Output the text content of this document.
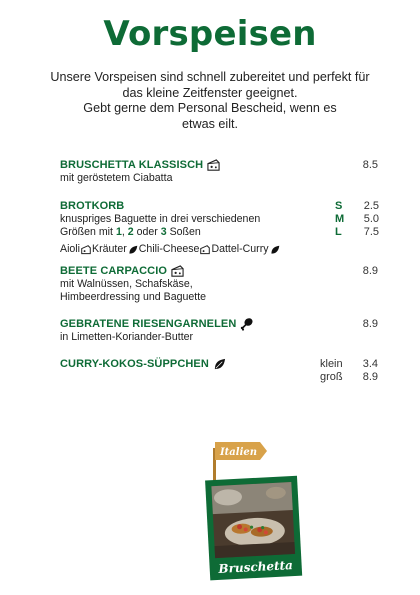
Vorspeisen
Unsere Vorspeisen sind schnell zubereitet und perfekt für
das kleine Zeitfenster geeignet.
Gebt gerne dem Personal Bescheid, wenn es
etwas eilt.
BRUSCHETTA KLASSISCH
mit geröstetem Ciabatta
8.5
BROTKORB
knuspriges Baguette in drei verschiedenen
Größen mit 1, 2 oder 3 Soßen
Aioli Kräuter Chili-Cheese Dattel-Curry
S	2.5
M	5.0
L	7.5
BEETE CARPACCIO
mit Walnüssen, Schafskäse,
Himbeerdressing und Baguette
8.9
GEBRATENE RIESENGARNELEN
in Limetten-Koriander-Butter
8.9
CURRY-KOKOS-SÜPPCHEN	klein	3.4
groß	8.9
Italien
Bruschetta
